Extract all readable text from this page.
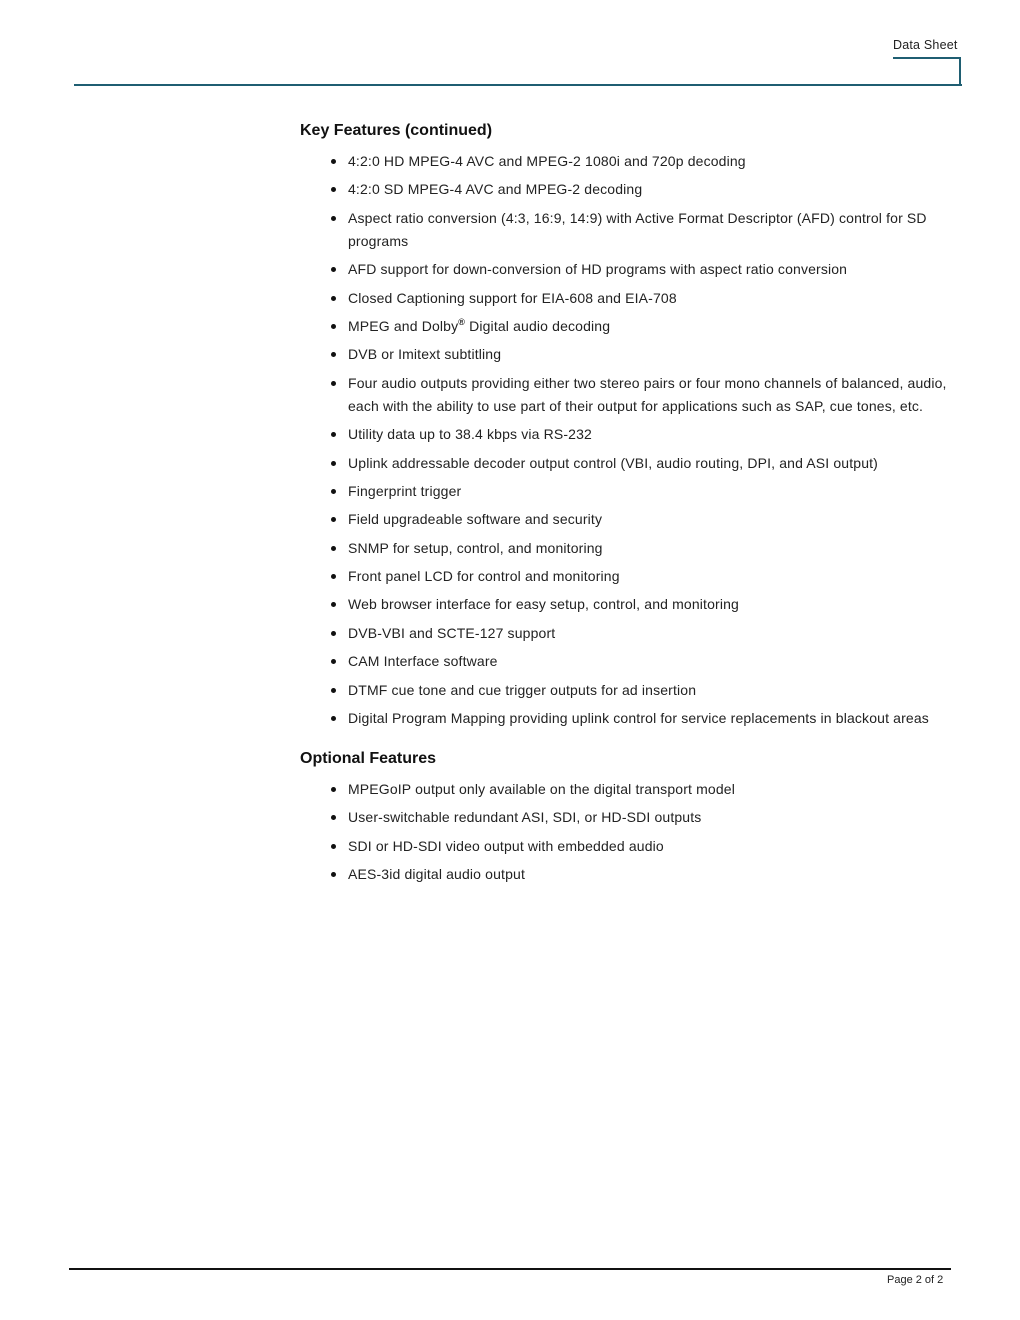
Data Sheet
Key Features (continued)
4:2:0 HD MPEG-4 AVC and MPEG-2 1080i and 720p decoding
4:2:0 SD MPEG-4 AVC and MPEG-2 decoding
Aspect ratio conversion (4:3, 16:9, 14:9) with Active Format Descriptor (AFD) control for SD programs
AFD support for down-conversion of HD programs with aspect ratio conversion
Closed Captioning support for EIA-608 and EIA-708
MPEG and Dolby® Digital audio decoding
DVB or Imitext subtitling
Four audio outputs providing either two stereo pairs or four mono channels of balanced, audio, each with the ability to use part of their output for applications such as SAP, cue tones, etc.
Utility data up to 38.4 kbps via RS-232
Uplink addressable decoder output control (VBI, audio routing, DPI, and ASI output)
Fingerprint trigger
Field upgradeable software and security
SNMP for setup, control, and monitoring
Front panel LCD for control and monitoring
Web browser interface for easy setup, control, and monitoring
DVB-VBI and SCTE-127 support
CAM Interface software
DTMF cue tone and cue trigger outputs for ad insertion
Digital Program Mapping providing uplink control for service replacements in blackout areas
Optional Features
MPEGoIP output only available on the digital transport model
User-switchable redundant ASI, SDI, or HD-SDI outputs
SDI or HD-SDI video output with embedded audio
AES-3id digital audio output
Page 2 of 2
